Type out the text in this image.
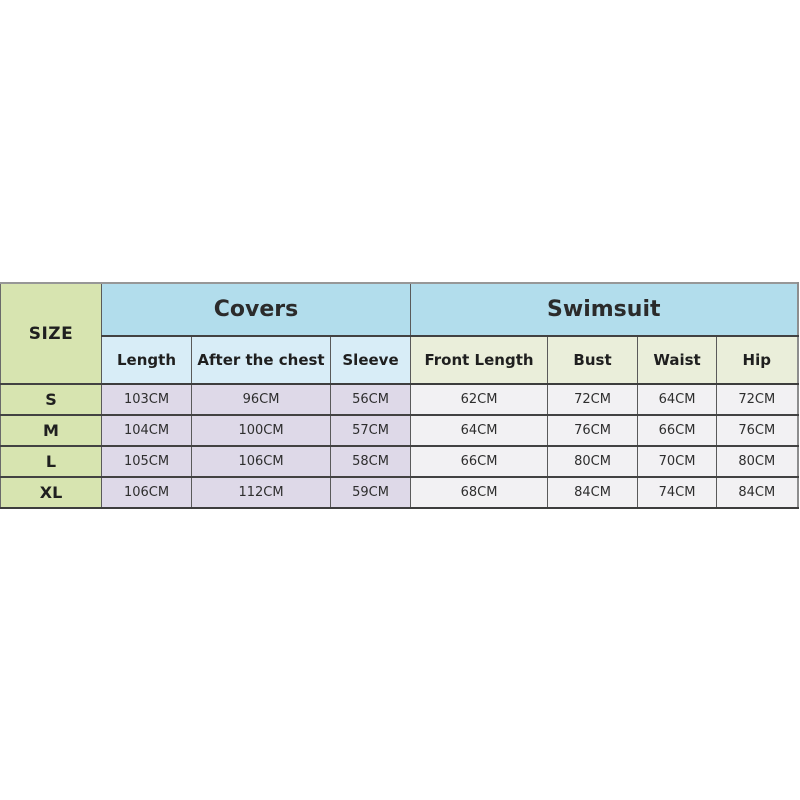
SIZE	Covers			Swimsuit			
	Length	After the chest	Sleeve	Front Length	Bust	Waist	Hip
S	103CM	96CM	56CM	62CM	72CM	64CM	72CM
M	104CM	100CM	57CM	64CM	76CM	66CM	76CM
L	105CM	106CM	58CM	66CM	80CM	70CM	80CM
XL	106CM	112CM	59CM	68CM	84CM	74CM	84CM
